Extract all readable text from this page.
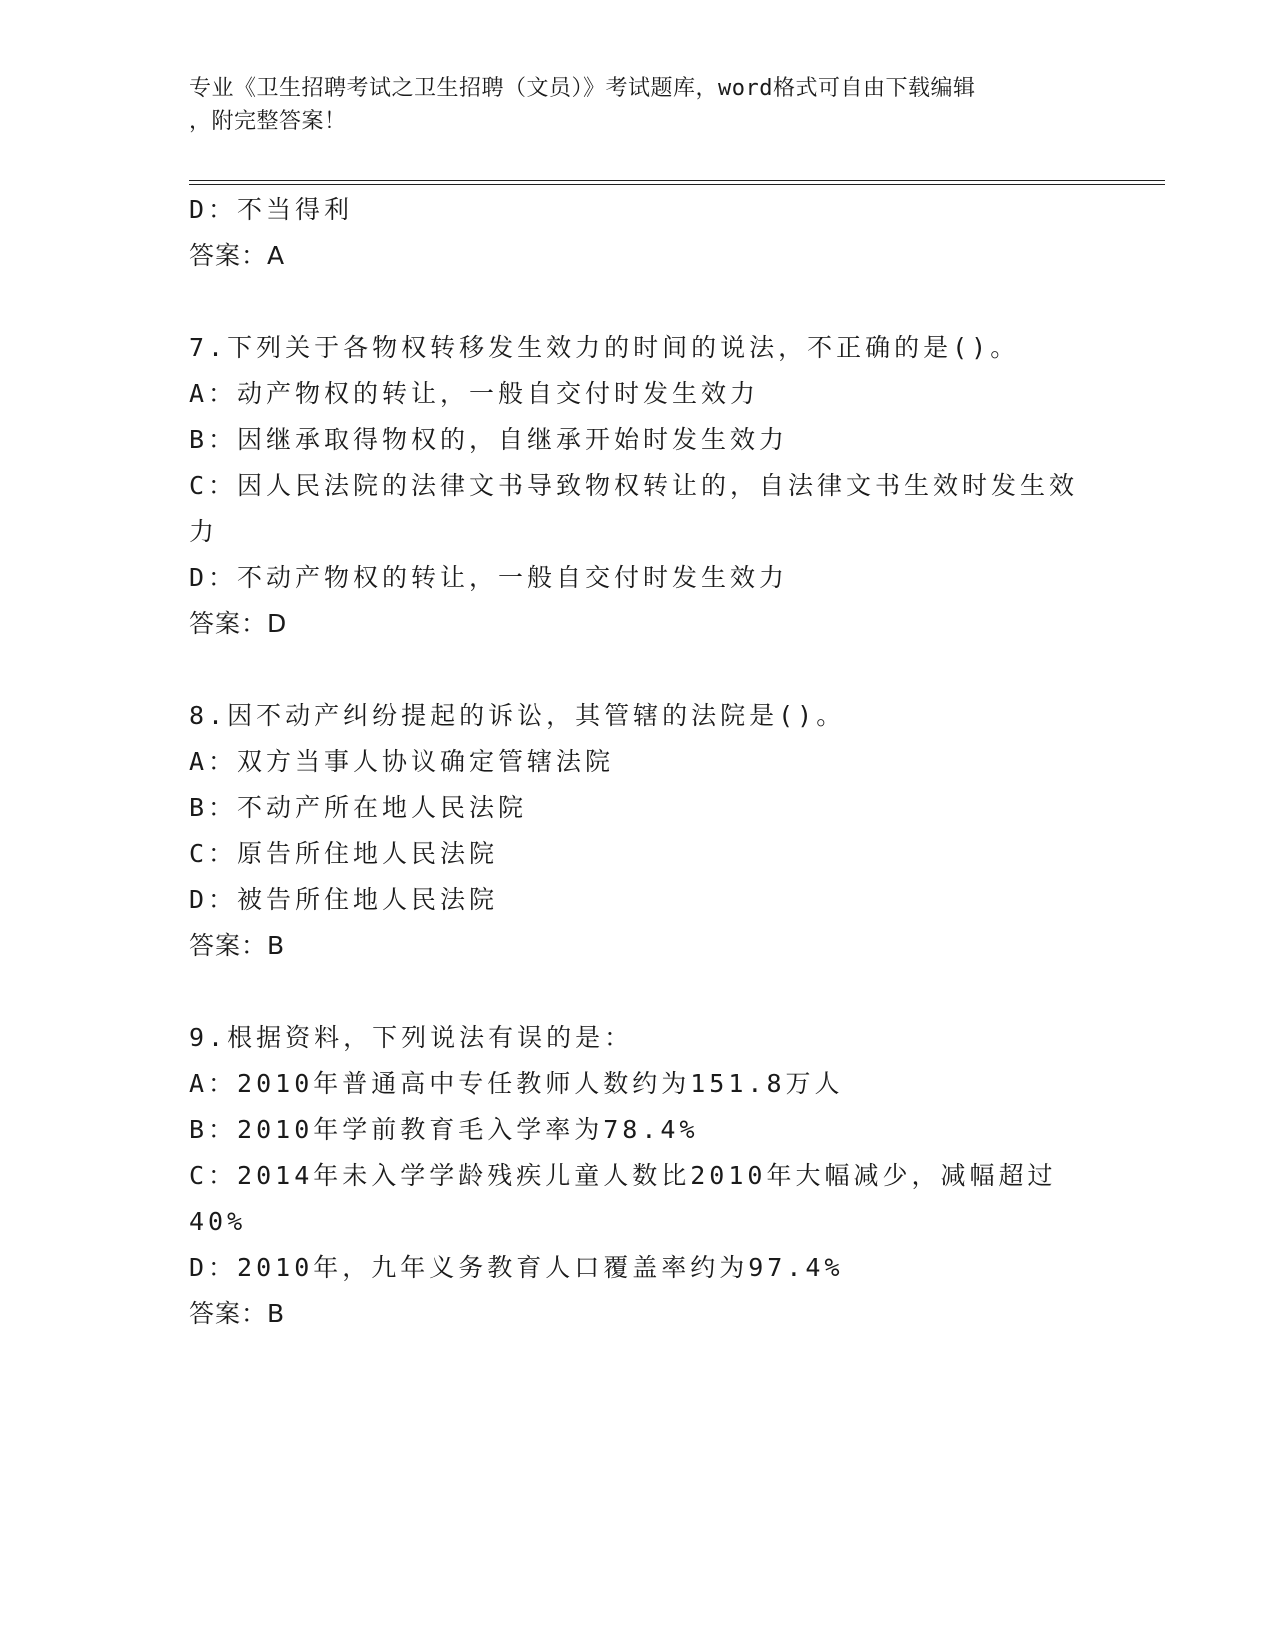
专业《卫生招聘考试之卫生招聘（文员）》考试题库，word格式可自由下载编辑
，附完整答案！
D：不当得利
答案：A
7.下列关于各物权转移发生效力的时间的说法，不正确的是()。
A：动产物权的转让，一般自交付时发生效力
B：因继承取得物权的，自继承开始时发生效力
C：因人民法院的法律文书导致物权转让的，自法律文书生效时发生效
力
D：不动产物权的转让，一般自交付时发生效力
答案：D
8.因不动产纠纷提起的诉讼，其管辖的法院是()。
A：双方当事人协议确定管辖法院
B：不动产所在地人民法院
C：原告所住地人民法院
D：被告所住地人民法院
答案：B
9.根据资料，下列说法有误的是：
A：2010年普通高中专任教师人数约为151.8万人
B：2010年学前教育毛入学率为78.4%
C：2014年未入学学龄残疾儿童人数比2010年大幅减少，减幅超过
40%
D：2010年，九年义务教育人口覆盖率约为97.4%
答案：B
